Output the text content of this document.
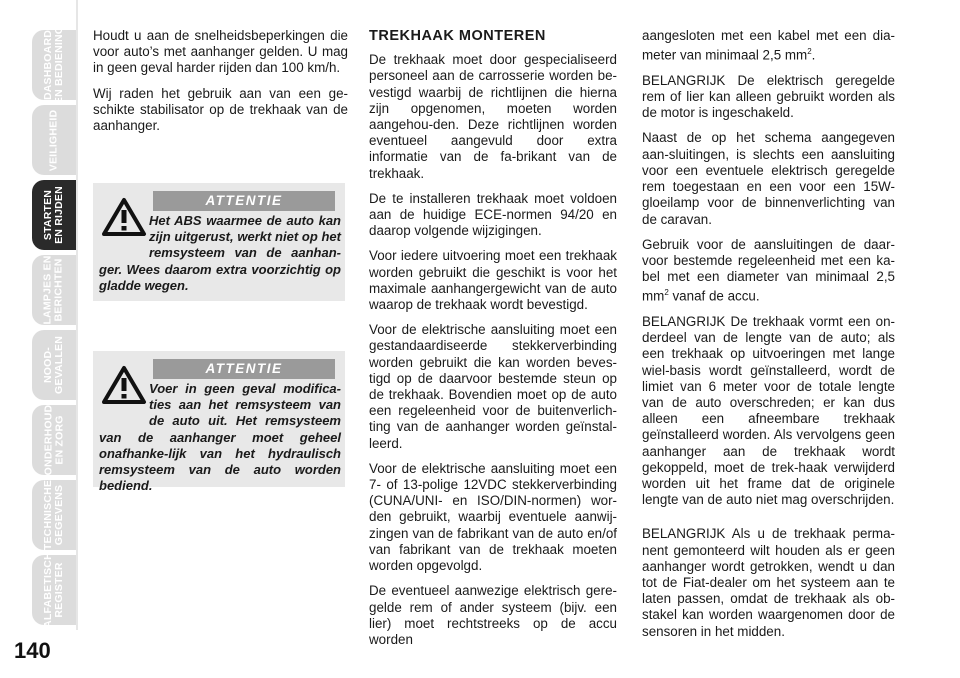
DASHBOARD
EN BEDIENING
VEILIGHEID
STARTEN
EN RIJDEN
LAMPJES EN
BERICHTEN
NOOD-
GEVALLEN
ONDERHOUD
EN ZORG
TECHNISCHE
GEGEVENS
ALFABETISCH
REGISTER
140

Houdt u aan de snelheidsbeperkingen die voor auto’s met aanhanger gelden. U mag in geen geval harder rijden dan 100 km/h.

Wij raden het gebruik aan van een ge-schikte stabilisator op de trekhaak van de aanhanger.

ATTENTIE
Het ABS waarmee de auto kan zijn uitgerust, werkt niet op het remsysteem van de aanhan-ger. Wees daarom extra voorzichtig op gladde wegen.
ATTENTIE
Voer in geen geval modifica-ties aan het remsysteem van de auto uit. Het remsysteem van de aanhanger moet geheel onafhanke-lijk van het hydraulisch remsysteem van de auto worden bediend.
TREKHAAK MONTEREN

De trekhaak moet door gespecialiseerd personeel aan de carrosserie worden be-vestigd waarbij de richtlijnen die hierna zijn opgenomen, moeten worden aangehou-den. Deze richtlijnen worden eventueel aangevuld door extra informatie van de fa-brikant van de trekhaak.

De te installeren trekhaak moet voldoen aan de huidige ECE-normen 94/20 en daarop volgende wijzigingen.

Voor iedere uitvoering moet een trekhaak worden gebruikt die geschikt is voor het maximale aanhangergewicht van de auto waarop de trekhaak wordt bevestigd.

Voor de elektrische aansluiting moet een gestandaardiseerde stekkerverbinding worden gebruikt die kan worden beves-tigd op de daarvoor bestemde steun op de trekhaak. Bovendien moet op de auto een regeleenheid voor de buitenverlich-ting van de aanhanger worden geïnstal-leerd.

Voor de elektrische aansluiting moet een 7- of 13-polige 12VDC stekkerverbinding (CUNA/UNI- en ISO/DIN-normen) wor-den gebruikt, waarbij eventuele aanwij-zingen van de fabrikant van de auto en/of van fabrikant van de trekhaak moeten worden opgevolgd.

De eventueel aanwezige elektrisch gere-gelde rem of ander systeem (bijv. een lier) moet rechtstreeks op de accu worden

aangesloten met een kabel met een dia-meter van minimaal 2,5 $mm^2$.

BELANGRIJK De elektrisch geregelde rem of lier kan alleen gebruikt worden als de motor is ingeschakeld.

Naast de op het schema aangegeven aan-sluitingen, is slechts een aansluiting voor een eventuele elektrisch geregelde rem toegestaan en een voor een 15W-gloeilamp voor de binnenverlichting van de caravan.

Gebruik voor de aansluitingen de daar-voor bestemde regeleenheid met een ka-bel met een diameter van minimaal 2,5 $mm^2$ vanaf de accu.

BELANGRIJK De trekhaak vormt een on-derdeel van de lengte van de auto; als een trekhaak op uitvoeringen met lange wiel-basis wordt geïnstalleerd, wordt de limiet van 6 meter voor de totale lengte van de auto overschreden; er kan dus alleen een afneembare trekhaak geïnstalleerd worden. Als vervolgens geen aanhanger aan de trekhaak wordt gekoppeld, moet de trek-haak verwijderd worden uit het frame dat de originele lengte van de auto niet mag overschrijden.

BELANGRIJK Als u de trekhaak perma-nent gemonteerd wilt houden als er geen aanhanger wordt getrokken, wendt u dan tot de Fiat-dealer om het systeem aan te laten passen, omdat de trekhaak als ob-stakel kan worden waargenomen door de sensoren in het midden.
